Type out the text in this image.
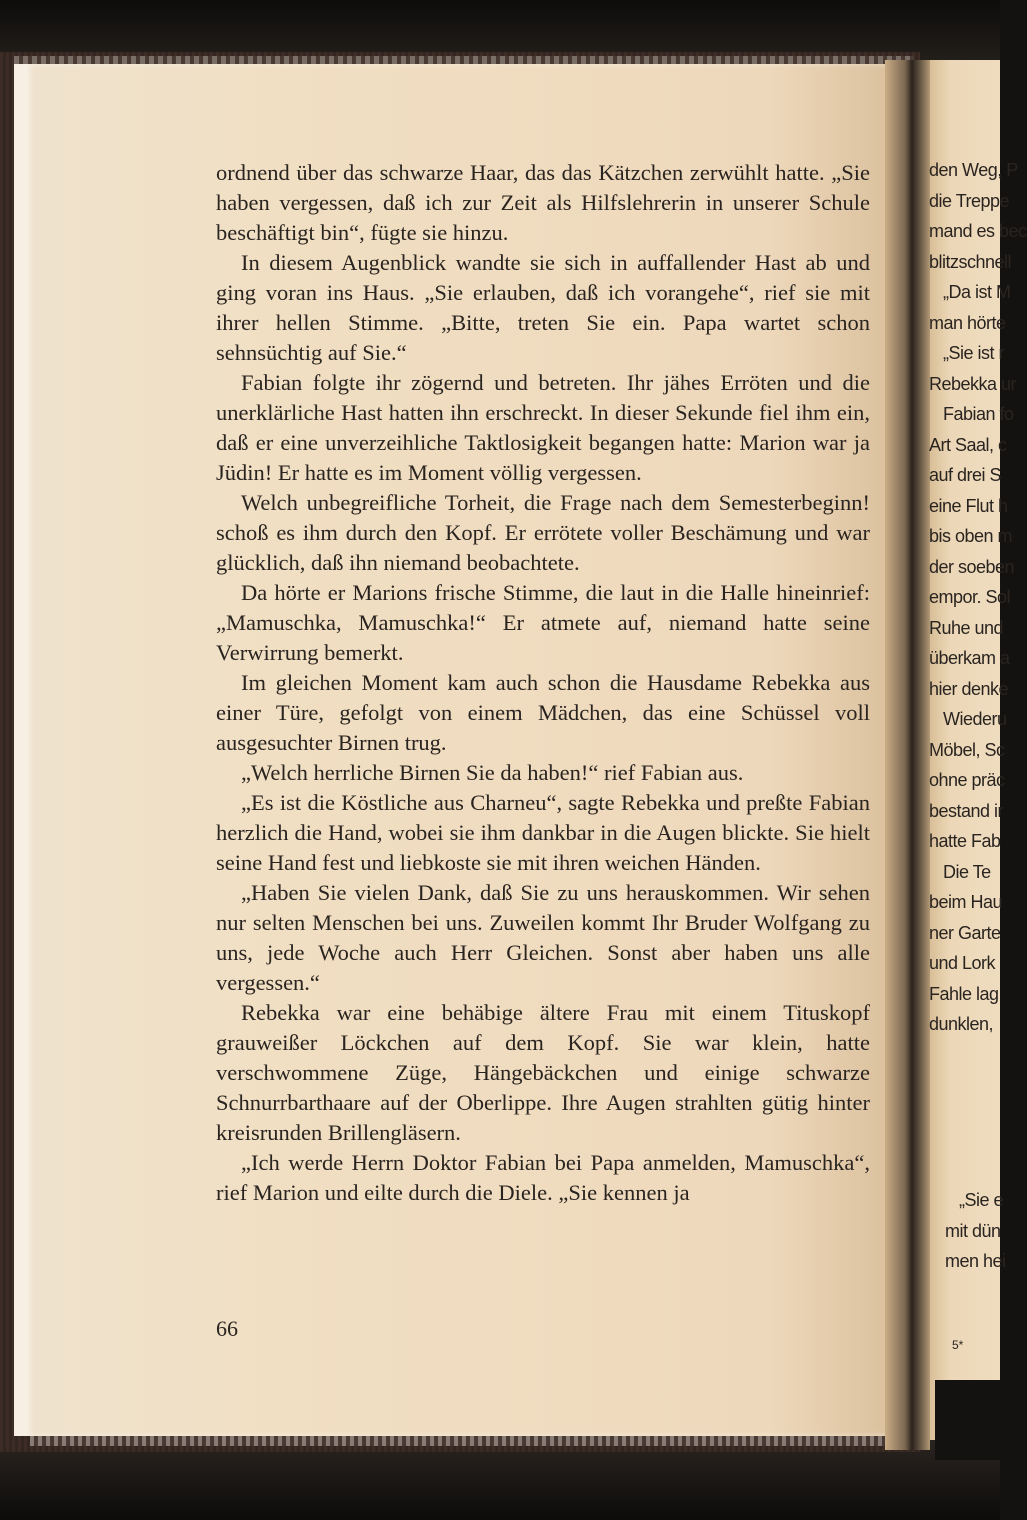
ordnend über das schwarze Haar, das das Kätzchen zerwühlt hatte. „Sie haben vergessen, daß ich zur Zeit als Hilfslehrerin in unserer Schule beschäftigt bin“, fügte sie hinzu.

In diesem Augenblick wandte sie sich in auffallender Hast ab und ging voran ins Haus. „Sie erlauben, daß ich vorangehe“, rief sie mit ihrer hellen Stimme. „Bitte, treten Sie ein. Papa wartet schon sehnsüchtig auf Sie.“

Fabian folgte ihr zögernd und betreten. Ihr jähes Erröten und die unerklärliche Hast hatten ihn erschreckt. In dieser Sekunde fiel ihm ein, daß er eine unverzeihliche Taktlosigkeit begangen hatte: Marion war ja Jüdin! Er hatte es im Moment völlig vergessen.

Welch unbegreifliche Torheit, die Frage nach dem Semesterbeginn! schoß es ihm durch den Kopf. Er errötete voller Beschämung und war glücklich, daß ihn niemand beobachtete.

Da hörte er Marions frische Stimme, die laut in die Halle hineinrief: „Mamuschka, Mamuschka!“ Er atmete auf, niemand hatte seine Verwirrung bemerkt.

Im gleichen Moment kam auch schon die Hausdame Rebekka aus einer Türe, gefolgt von einem Mädchen, das eine Schüssel voll ausgesuchter Birnen trug.

„Welch herrliche Birnen Sie da haben!“ rief Fabian aus.

„Es ist die Köstliche aus Charneu“, sagte Rebekka und preßte Fabian herzlich die Hand, wobei sie ihm dankbar in die Augen blickte. Sie hielt seine Hand fest und liebkoste sie mit ihren weichen Händen.

„Haben Sie vielen Dank, daß Sie zu uns herauskommen. Wir sehen nur selten Menschen bei uns. Zuweilen kommt Ihr Bruder Wolfgang zu uns, jede Woche auch Herr Gleichen. Sonst aber haben uns alle vergessen.“

Rebekka war eine behäbige ältere Frau mit einem Tituskopf grauweißer Löckchen auf dem Kopf. Sie war klein, hatte verschwommene Züge, Hängebäckchen und einige schwarze Schnurrbarthaare auf der Oberlippe. Ihre Augen strahlten gütig hinter kreisrunden Brillengläsern.

„Ich werde Herrn Doktor Fabian bei Papa anmelden, Mamuschka“, rief Marion und eilte durch die Diele. „Sie kennen ja

66
den Weg, P
die Treppe
mand es bec
blitzschnell
„Da ist M
man hörte
„Sie ist r
Rebekka ur
Fabian fo
Art Saal, c
auf drei S
eine Flut h
bis oben m
der soeben
empor. Sol
Ruhe und
überkam a
hier denke
Wiederu
Möbel, Sc
ohne präc
bestand ir
hatte Fab
Die Te
beim Hau
ner Garte
und Lork
Fahle lag
dunklen,
„Sie e
mit dün
men hei
5*
